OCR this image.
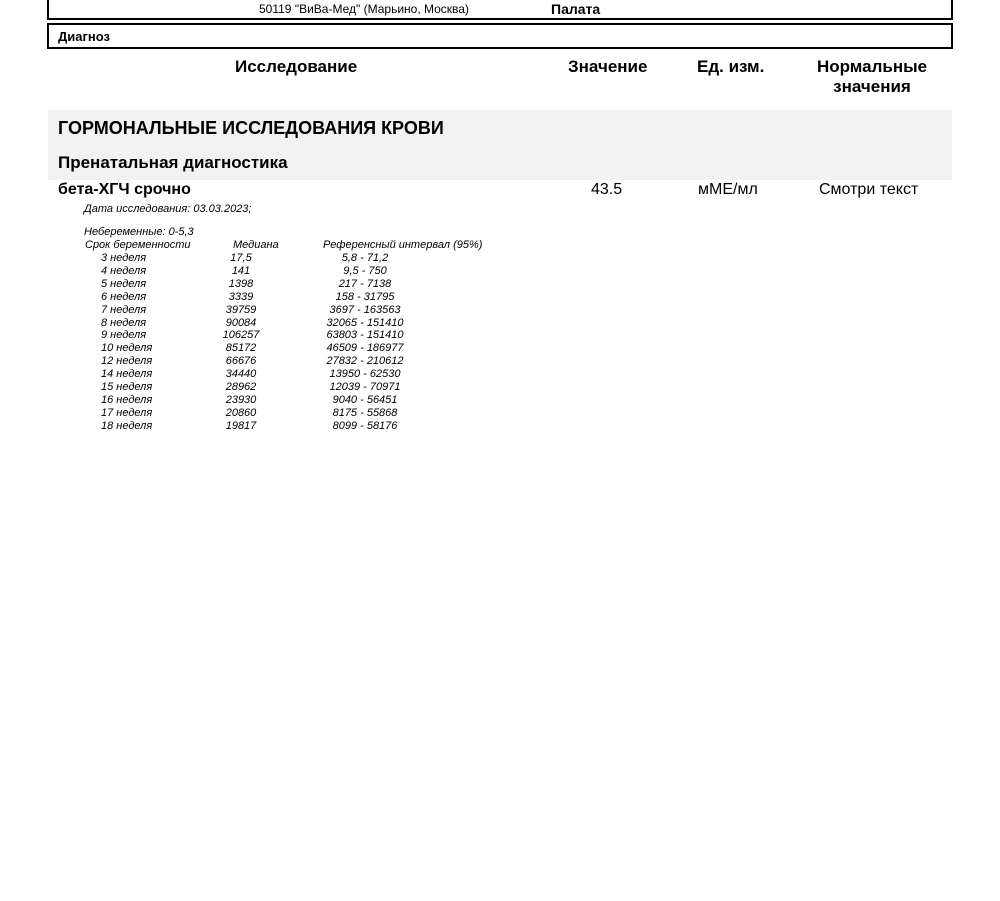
50119 "ВиВа-Мед" (Марьино, Москва)	Палата
Диагноз
Исследование	Значение	Ед. изм.	Нормальные
значения
ГОРМОНАЛЬНЫЕ ИССЛЕДОВАНИЯ КРОВИ
Пренатальная диагностика
бета-ХГЧ срочно	43.5	мМЕ/мл	Смотри текст
Дата исследования: 03.03.2023;
Небеременные: 0-5,3
Срок беременности	Медиана	Референсный интервал (95%)
3 неделя	17,5	5,8 - 71,2
4 неделя	141	9,5 - 750
5 неделя	1398	217 - 7138
6 неделя	3339	158 - 31795
7 неделя	39759	3697 - 163563
8 неделя	90084	32065 - 151410
9 неделя	106257	63803 - 151410
10 неделя	85172	46509 - 186977
12 неделя	66676	27832 - 210612
14 неделя	34440	13950 - 62530
15 неделя	28962	12039 - 70971
16 неделя	23930	9040 - 56451
17 неделя	20860	8175 - 55868
18 неделя	19817	8099 - 58176
